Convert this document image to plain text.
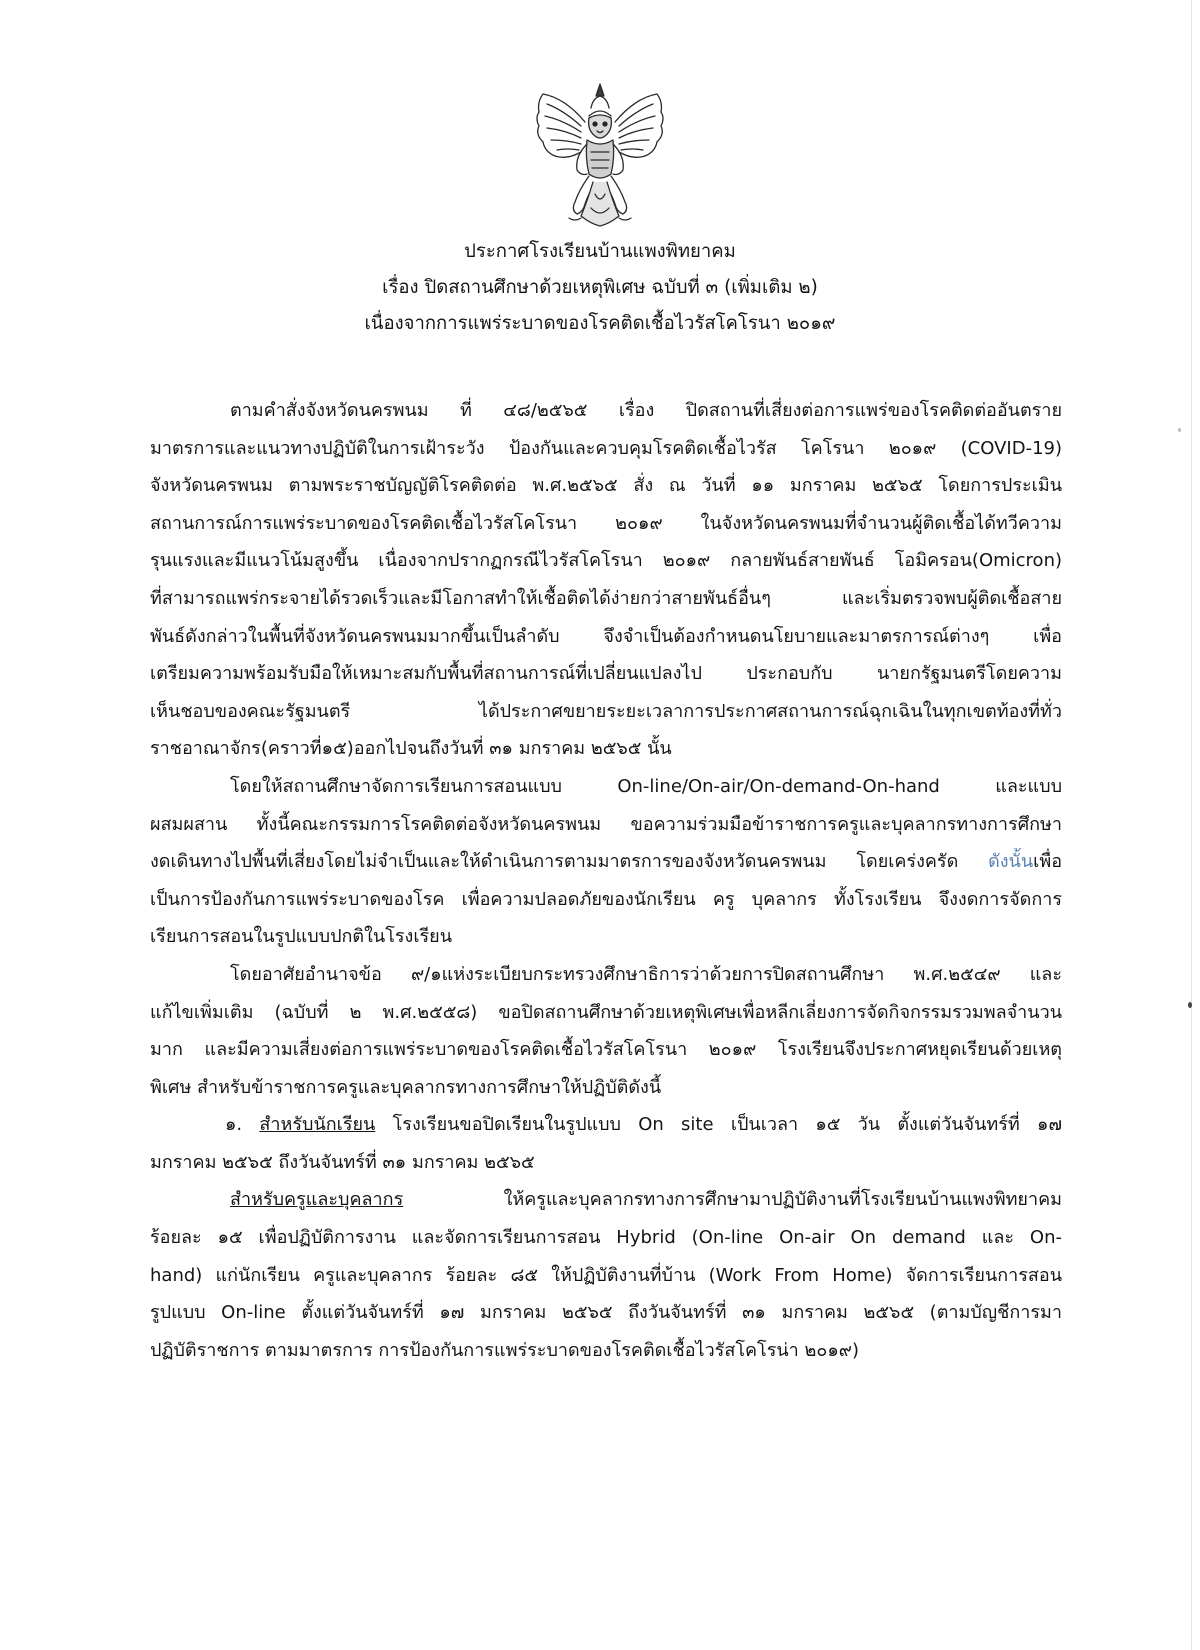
ประกาศโรงเรียนบ้านแพงพิทยาคม
เรื่อง ปิดสถานศึกษาด้วยเหตุพิเศษ ฉบับที่ ๓ (เพิ่มเติม ๒)
เนื่องจากการแพร่ระบาดของโรคติดเชื้อไวรัสโคโรนา ๒๐๑๙
ตามคำสั่งจังหวัดนครพนม ที่ ๔๘/๒๕๖๕ เรื่อง ปิดสถานที่เสี่ยงต่อการแพร่ของโรคติดต่ออันตราย
มาตรการและแนวทางปฏิบัติในการเฝ้าระวัง ป้องกันและควบคุมโรคติดเชื้อไวรัส โคโรนา ๒๐๑๙ (COVID-19)
จังหวัดนครพนม ตามพระราชบัญญัติโรคติดต่อ พ.ศ.๒๕๖๕ สั่ง ณ วันที่ ๑๑ มกราคม ๒๕๖๕ โดยการประเมิน
สถานการณ์การแพร่ระบาดของโรคติดเชื้อไวรัสโคโรนา ๒๐๑๙ ในจังหวัดนครพนมที่จำนวนผู้ติดเชื้อได้ทวีความ
รุนแรงและมีแนวโน้มสูงขึ้น เนื่องจากปรากฏกรณีไวรัสโคโรนา ๒๐๑๙ กลายพันธ์สายพันธ์ โอมิครอน(Omicron)
ที่สามารถแพร่กระจายได้รวดเร็วและมีโอกาสทำให้เชื้อติดได้ง่ายกว่าสายพันธ์อื่นๆ และเริ่มตรวจพบผู้ติดเชื้อสาย
พันธ์ดังกล่าวในพื้นที่จังหวัดนครพนมมากขึ้นเป็นลำดับ จึงจำเป็นต้องกำหนดนโยบายและมาตรการณ์ต่างๆ เพื่อ
เตรียมความพร้อมรับมือให้เหมาะสมกับพื้นที่สถานการณ์ที่เปลี่ยนแปลงไป ประกอบกับ นายกรัฐมนตรีโดยความ
เห็นชอบของคณะรัฐมนตรี ได้ประกาศขยายระยะเวลาการประกาศสถานการณ์ฉุกเฉินในทุกเขตท้องที่ทั่ว
ราชอาณาจักร(คราวที่๑๕)ออกไปจนถึงวันที่ ๓๑ มกราคม ๒๕๖๕ นั้น
โดยให้สถานศึกษาจัดการเรียนการสอนแบบ On-line/On-air/On-demand-On-hand และแบบ
ผสมผสาน ทั้งนี้คณะกรรมการโรคติดต่อจังหวัดนครพนม ขอความร่วมมือข้าราชการครูและบุคลากรทางการศึกษา
งดเดินทางไปพื้นที่เสี่ยงโดยไม่จำเป็นและให้ดำเนินการตามมาตรการของจังหวัดนครพนม โดยเคร่งครัด ดังนั้นเพื่อ
เป็นการป้องกันการแพร่ระบาดของโรค เพื่อความปลอดภัยของนักเรียน ครู บุคลากร ทั้งโรงเรียน จึงงดการจัดการ
เรียนการสอนในรูปแบบปกติในโรงเรียน
โดยอาศัยอำนาจข้อ ๙/๑แห่งระเบียบกระทรวงศึกษาธิการว่าด้วยการปิดสถานศึกษา พ.ศ.๒๕๔๙ และ
แก้ไขเพิ่มเติม (ฉบับที่ ๒ พ.ศ.๒๕๕๘) ขอปิดสถานศึกษาด้วยเหตุพิเศษเพื่อหลีกเลี่ยงการจัดกิจกรรมรวมพลจำนวน
มาก และมีความเสี่ยงต่อการแพร่ระบาดของโรคติดเชื้อไวรัสโคโรนา ๒๐๑๙ โรงเรียนจึงประกาศหยุดเรียนด้วยเหตุ
พิเศษ สำหรับข้าราชการครูและบุคลากรทางการศึกษาให้ปฏิบัติดังนี้
๑. สำหรับนักเรียน โรงเรียนขอปิดเรียนในรูปแบบ On site เป็นเวลา ๑๕ วัน ตั้งแต่วันจันทร์ที่ ๑๗
มกราคม ๒๕๖๕ ถึงวันจันทร์ที่ ๓๑ มกราคม ๒๕๖๕
สำหรับครูและบุคลากร ให้ครูและบุคลากรทางการศึกษามาปฏิบัติงานที่โรงเรียนบ้านแพงพิทยาคม
ร้อยละ ๑๕ เพื่อปฏิบัติการงาน และจัดการเรียนการสอน Hybrid (On-line On-air On demand และ On-
hand) แก่นักเรียน ครูและบุคลากร ร้อยละ ๘๕ ให้ปฏิบัติงานที่บ้าน (Work From Home) จัดการเรียนการสอน
รูปแบบ On-line ตั้งแต่วันจันทร์ที่ ๑๗ มกราคม ๒๕๖๕ ถึงวันจันทร์ที่ ๓๑ มกราคม ๒๕๖๕ (ตามบัญชีการมา
ปฏิบัติราชการ ตามมาตรการ การป้องกันการแพร่ระบาดของโรคติดเชื้อไวรัสโคโรน่า ๒๐๑๙)
